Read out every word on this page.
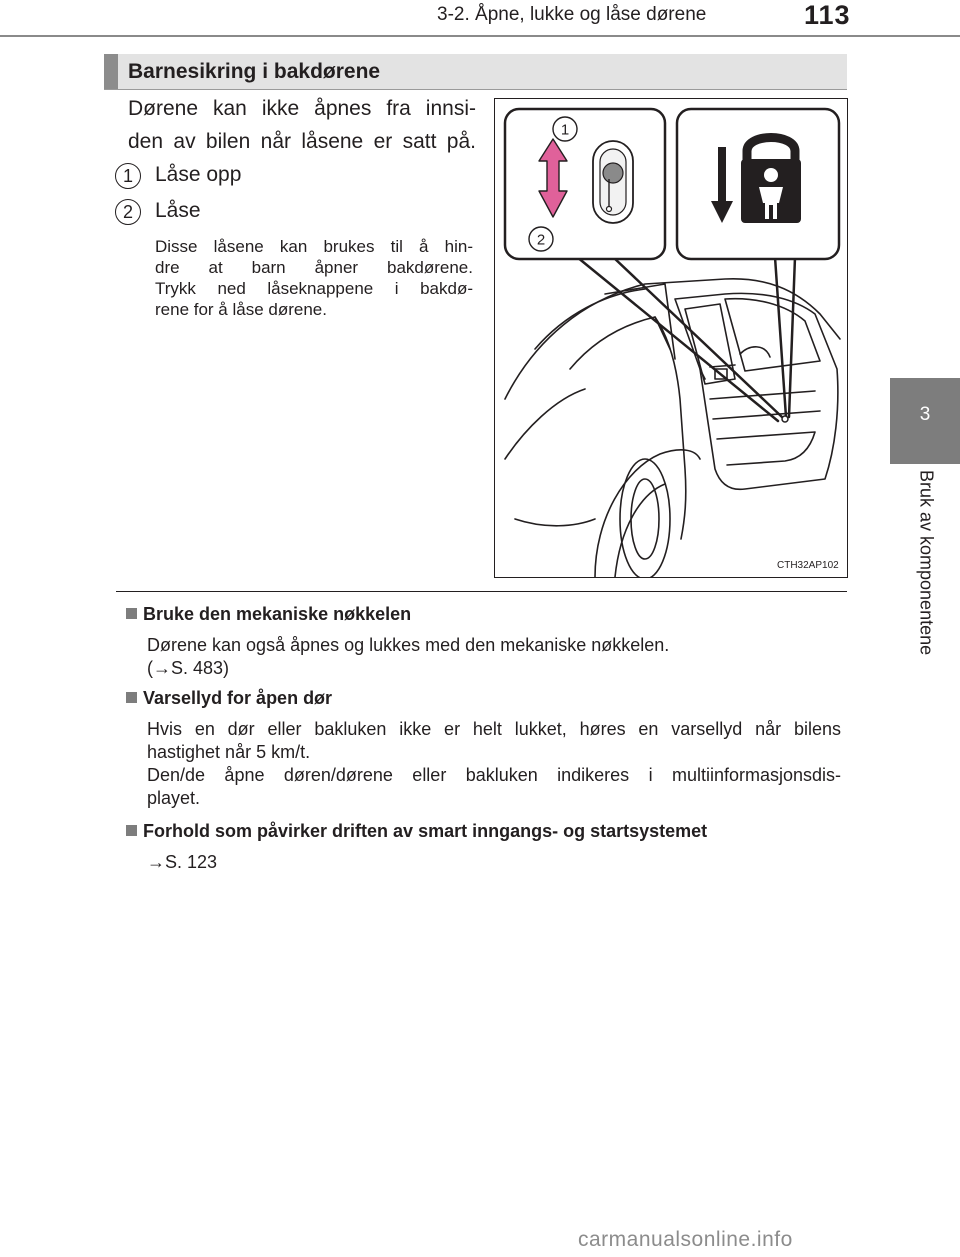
3-2. Åpne, lukke og låse dørene	113
3
Bruk av komponentene
Barnesikring i bakdørene
Dørene kan ikke åpnes fra innsi-
den av bilen når låsene er satt på.
1	Låse opp
2	Låse
Disse låsene kan brukes til å hin-
dre at barn åpner bakdørene.
Trykk ned låseknappene i bakdø-
rene for å låse dørene.
1
2
CTH32AP102
Bruke den mekaniske nøkkelen
Dørene kan også åpnes og lukkes med den mekaniske nøkkelen.
(→S. 483)
Varsellyd for åpen dør
Hvis en dør eller bakluken ikke er helt lukket, høres en varsellyd når bilens
hastighet når 5 km/t.
Den/de åpne døren/dørene eller bakluken indikeres i multiinformasjonsdis-
playet.
Forhold som påvirker driften av smart inngangs- og startsystemet
→S. 123
carmanualsonline.info
